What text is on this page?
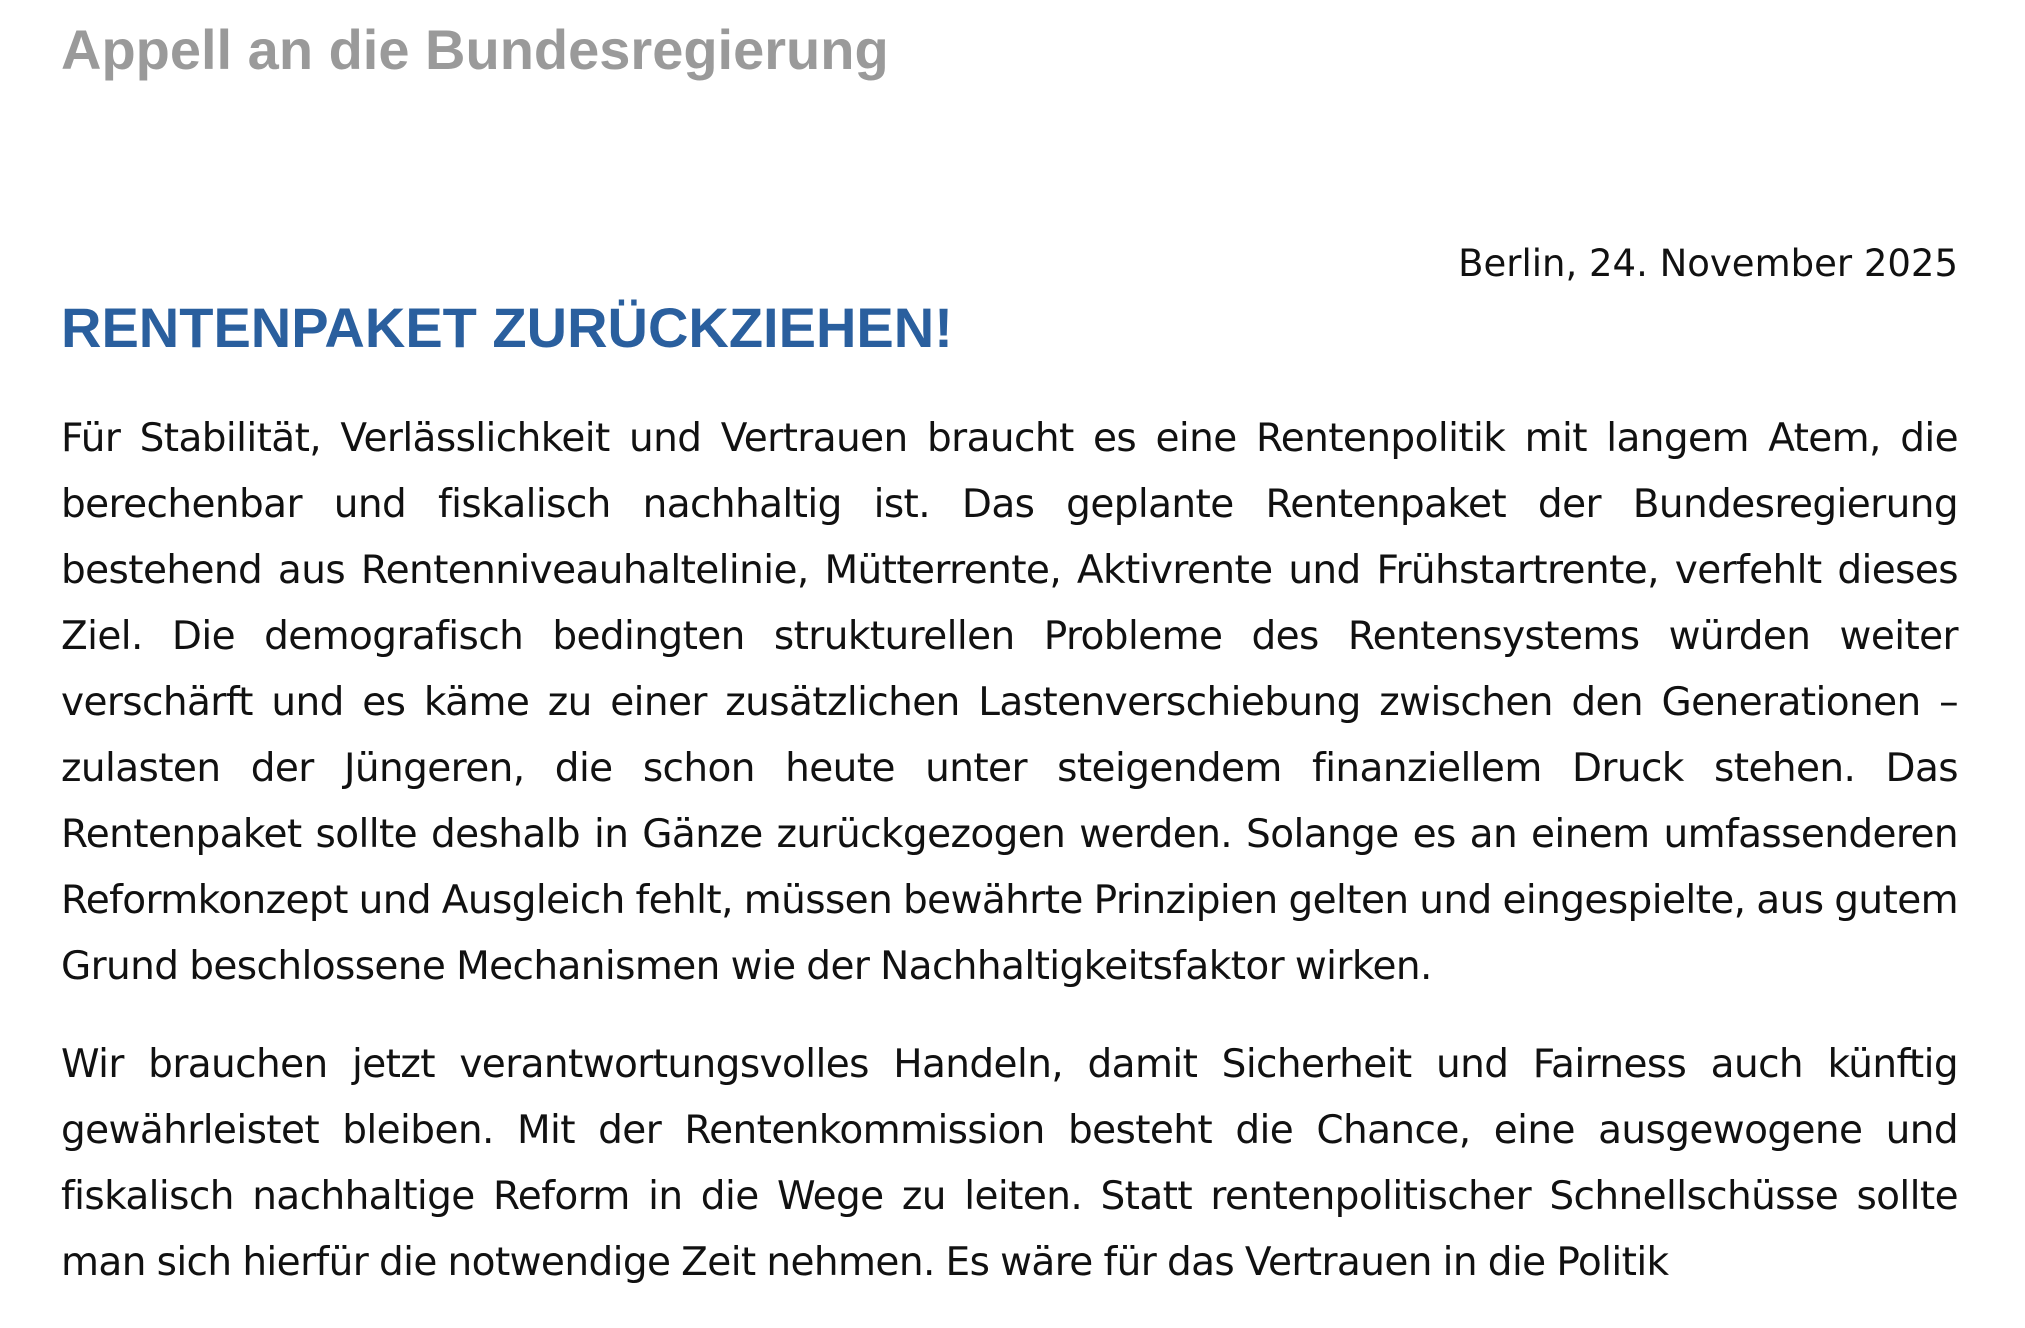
Appell an die Bundesregierung
Berlin, 24. November 2025
RENTENPAKET ZURÜCKZIEHEN!

Für Stabilität, Verlässlichkeit und Vertrauen braucht es eine Rentenpolitik mit langem Atem, die berechenbar und fiskalisch nachhaltig ist. Das geplante Rentenpaket der Bundesregierung bestehend aus Rentenniveauhaltelinie, Mütterrente, Aktivrente und Frühstartrente, verfehlt dieses Ziel. Die demografisch bedingten strukturellen Probleme des Rentensystems würden weiter verschärft und es käme zu einer zusätzlichen Lastenverschiebung zwischen den Generationen – zulasten der Jüngeren, die schon heute unter steigendem finanziellem Druck stehen. Das Rentenpaket sollte deshalb in Gänze zurückgezogen werden. Solange es an einem umfassenderen Reformkonzept und Ausgleich fehlt, müssen bewährte Prinzipien gelten und eingespielte, aus gutem Grund beschlossene Mechanismen wie der Nachhaltigkeitsfaktor wirken.

Wir brauchen jetzt verantwortungsvolles Handeln, damit Sicherheit und Fairness auch künftig gewährleistet bleiben. Mit der Rentenkommission besteht die Chance, eine ausgewogene und fiskalisch nachhaltige Reform in die Wege zu leiten. Statt rentenpolitischer Schnellschüsse sollte man sich hierfür die notwendige Zeit nehmen. Es wäre für das Vertrauen in die Politik
